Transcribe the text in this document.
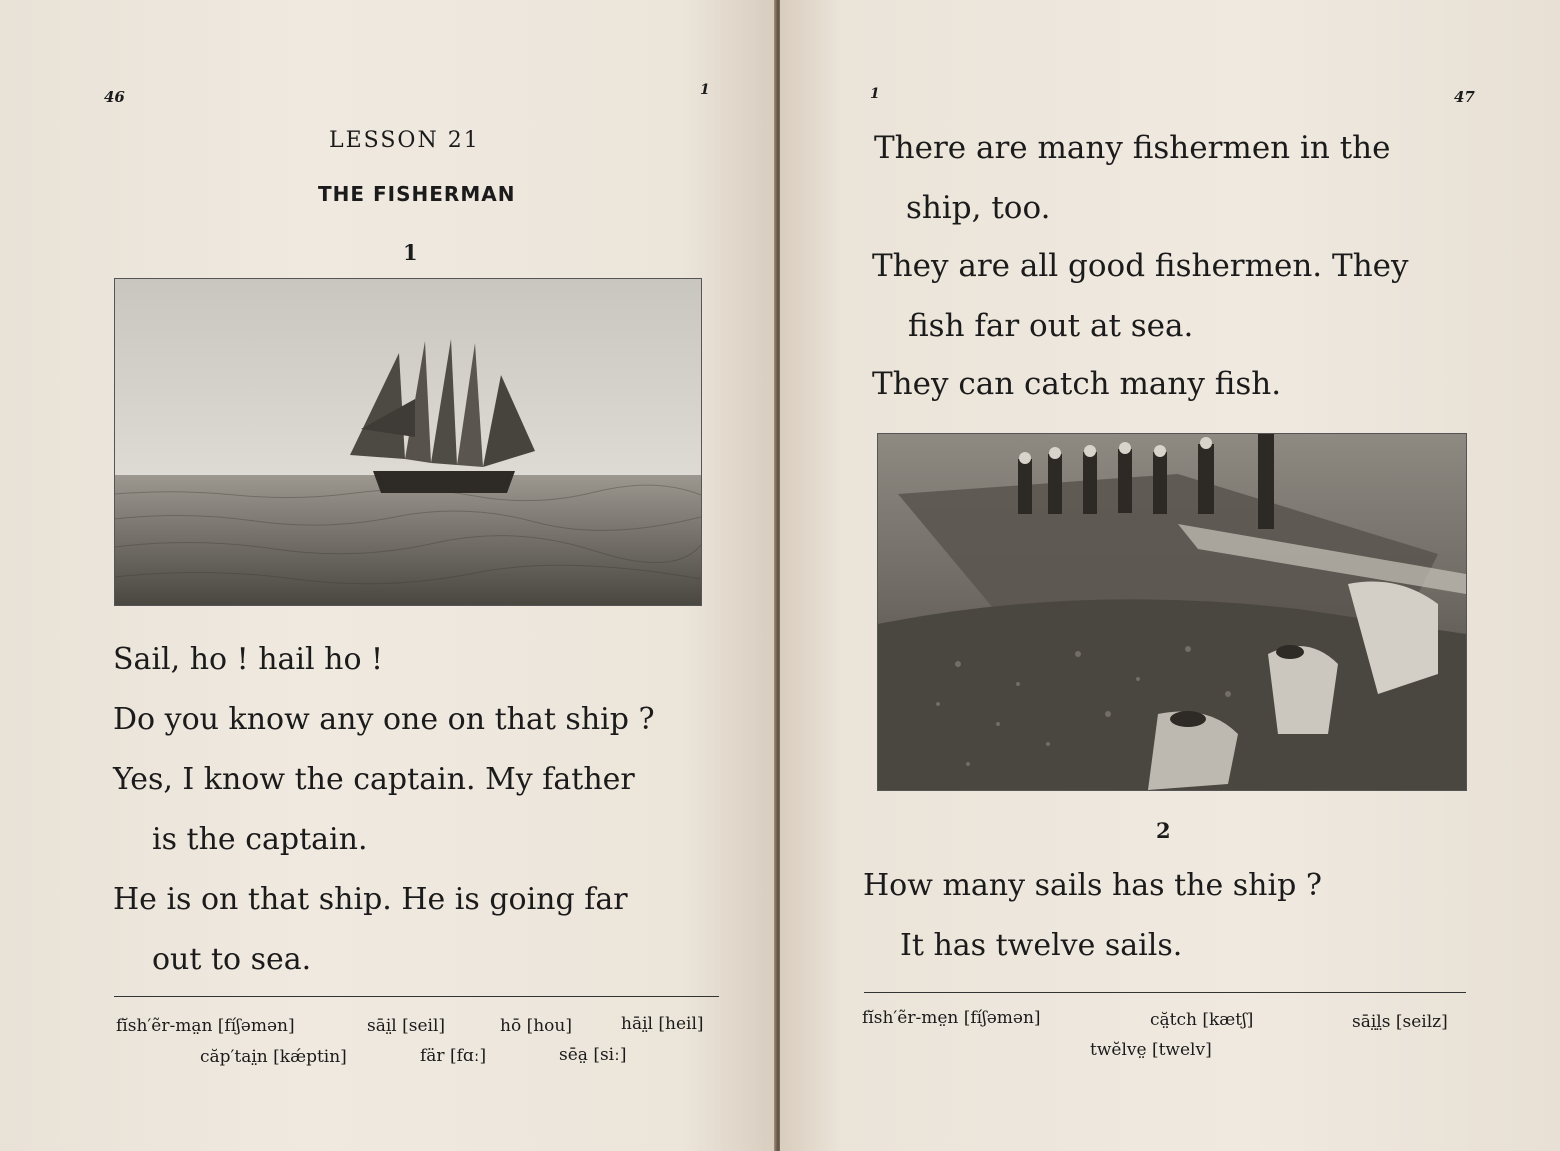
46	1
LESSON 21
THE FISHERMAN
1
Sail, ho ! hail ho !
Do you know any one on that ship ?
Yes, I know the captain. My father
is the captain.
He is on that ship. He is going far
out to sea.
fĭsh′ẽr-ma̤n [fíʃəmən]	sāi̤l [seil]	hō [hou]	hāi̤l [heil]
căp′tai̤n [kǽptin]	fär [fɑː]	sēa̤ [siː]
1	47
There are many fishermen in the
ship, too.
They are all good fishermen. They
fish far out at sea.
They can catch many fish.
2
How many sails has the ship ?
It has twelve sails.
fĭsh′ẽr-me̤n [fíʃəmən]	că̤tch [kætʃ]	sāi̤l̤s [seilz]
twĕlve̤ [twelv]
